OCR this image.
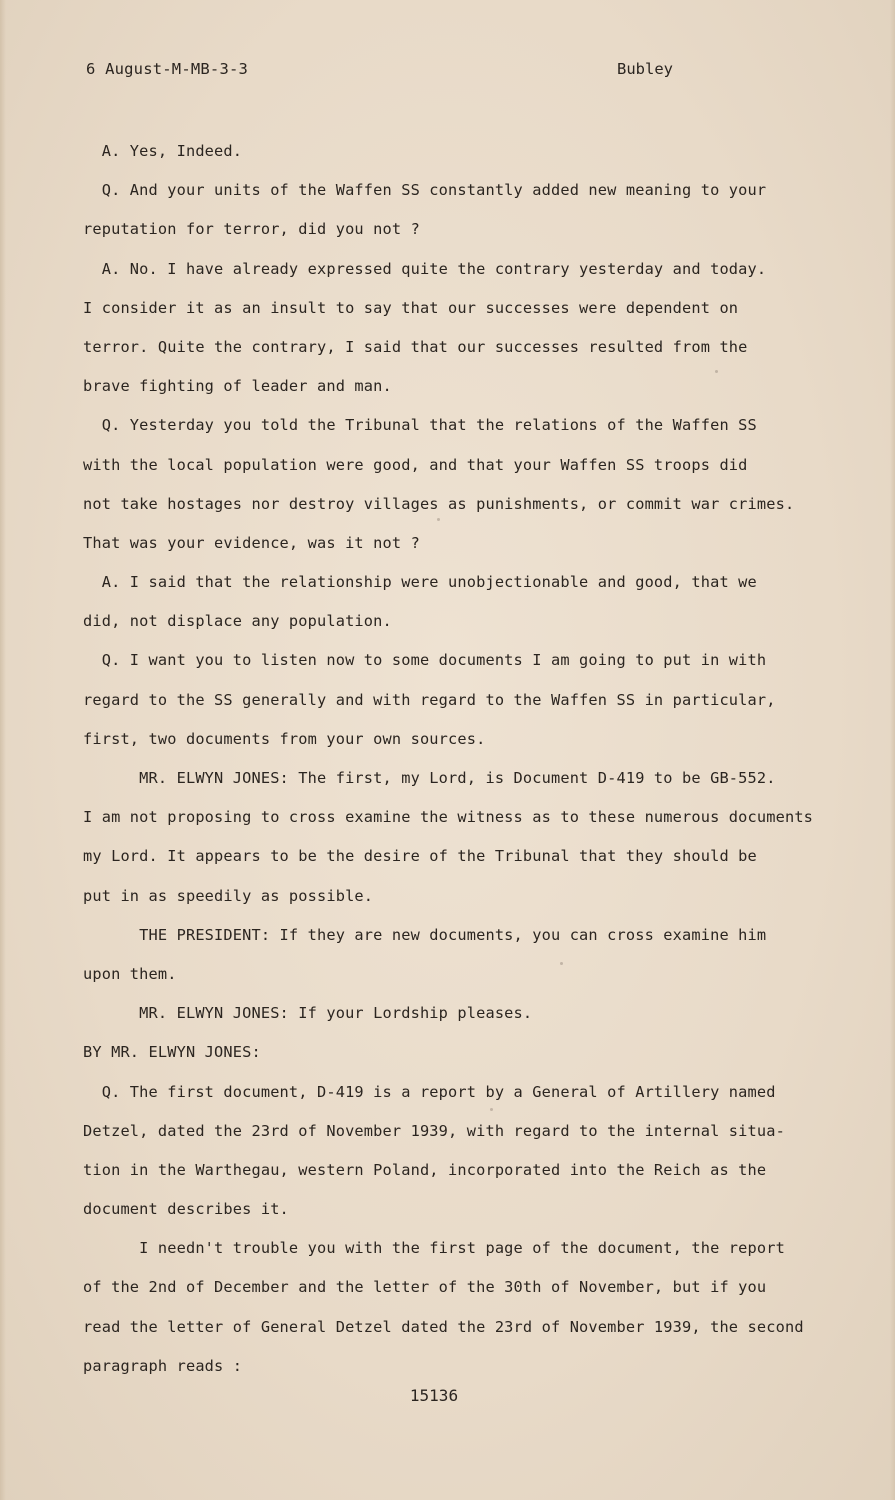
6 August-M-MB-3-3	Bubley
A. Yes, Indeed.
Q. And your units of the Waffen SS constantly added new meaning to your
reputation for terror, did you not ?
A. No. I have already expressed quite the contrary yesterday and today.
I consider it as an insult to say that our successes were dependent on
terror. Quite the contrary, I said that our successes resulted from the
brave fighting of leader and man.
Q. Yesterday you told the Tribunal that the relations of the Waffen SS
with the local population were good, and that your Waffen SS troops did
not take hostages nor destroy villages as punishments, or commit war crimes.
That was your evidence, was it not ?
A. I said that the relationship were unobjectionable and good, that we
did, not displace any population.
Q. I want you to listen now to some documents I am going to put in with
regard to the SS generally and with regard to the Waffen SS in particular,
first, two documents from your own sources.
MR. ELWYN JONES: The first, my Lord, is Document D-419 to be GB-552.
I am not proposing to cross examine the witness as to these numerous documents
my Lord. It appears to be the desire of the Tribunal that they should be
put in as speedily as possible.
THE PRESIDENT: If they are new documents, you can cross examine him
upon them.
MR. ELWYN JONES: If your Lordship pleases.
BY MR. ELWYN JONES:
Q. The first document, D-419 is a report by a General of Artillery named
Detzel, dated the 23rd of November 1939, with regard to the internal situa-
tion in the Warthegau, western Poland, incorporated into the Reich as the
document describes it.
I needn't trouble you with the first page of the document, the report
of the 2nd of December and the letter of the 30th of November, but if you
read the letter of General Detzel dated the 23rd of November 1939, the second
paragraph reads :
15136
